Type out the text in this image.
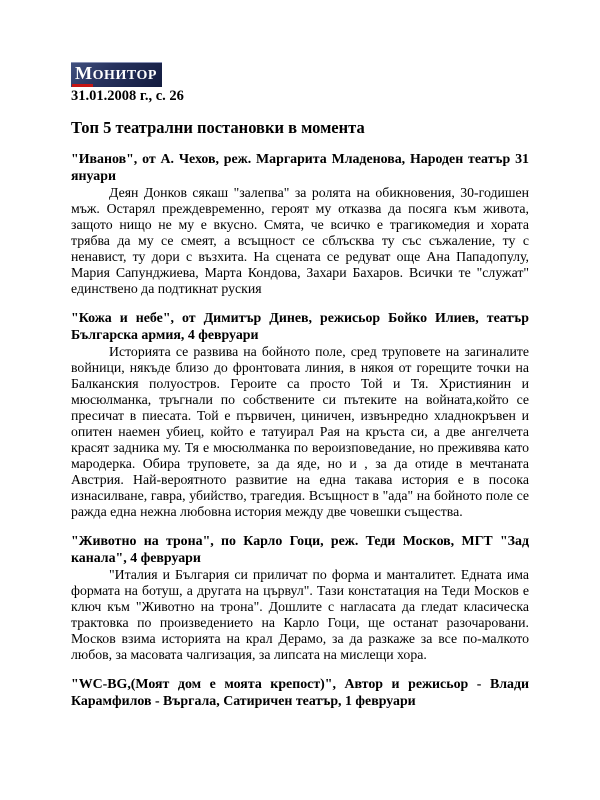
МОНИТОР
31.01.2008 г., с. 26
Топ 5 театрални постановки в момента
"Иванов", от А. Чехов, реж. Маргарита Младенова, Народен театър 31 януари

Деян Донков сякаш "залепва" за ролята на обикновения, 30-годишен мъж. Остарял преждевременно, героят му отказва да посяга към живота, защото нищо не му е вкусно. Смята, че всичко е трагикомедия и хората трябва да му се смеят, а всъщност се сблъсква ту със съжаление, ту с ненавист, ту дори с възхита. На сцената се редуват още Ана Пападопулу, Мария Сапунджиева, Марта Кондова, Захари Бахаров. Всички те "служат" единствено да подтикнат руския

"Кожа и небе", от Димитър Динев, режисьор Бойко Илиев, театър Българска армия, 4 февруари

Историята се развива на бойното поле, сред труповете на загиналите войници, някъде близо до фронтовата линия, в някоя от горещите точки на Балканския полуостров. Героите са просто Той и Тя. Християнин и мюсюлманка, тръгнали по собствените си пътеките на войната,който се пресичат в пиесата. Той е първичен, циничен, извънредно хладнокръвен и опитен наемен убиец, който е татуирал Рая на кръста си, а две ангелчета красят задника му. Тя е мюсюлманка по вероизповедание, но преживява като мародерка. Обира труповете, за да яде, но и , за да отиде в мечтаната Австрия. Най-вероятното развитие на една такава история е в посока изнасилване, гавра, убийство, трагедия. Всъщност в "ада" на бойното поле се ражда една нежна любовна история между две човешки същества.

"Животно на трона", по Карло Гоци, реж. Теди Москов, МГТ "Зад канала", 4 февруари

"Италия и България си приличат по форма и манталитет. Едната има формата на ботуш, а другата на цървул". Тази констатация на Теди Москов е ключ към "Животно на трона". Дошлите с нагласата да гледат класическа трактовка по произведението на Карло Гоци, ще останат разочаровани. Москов взима историята на крал Дерамо, за да разкаже за все по-малкото любов, за масовата чалгизация, за липсата на мислещи хора.

"WC-BG,(Моят дом е моята крепост)", Автор и режисьор - Влади Карамфилов - Въргала, Сатиричен театър, 1 февруари
